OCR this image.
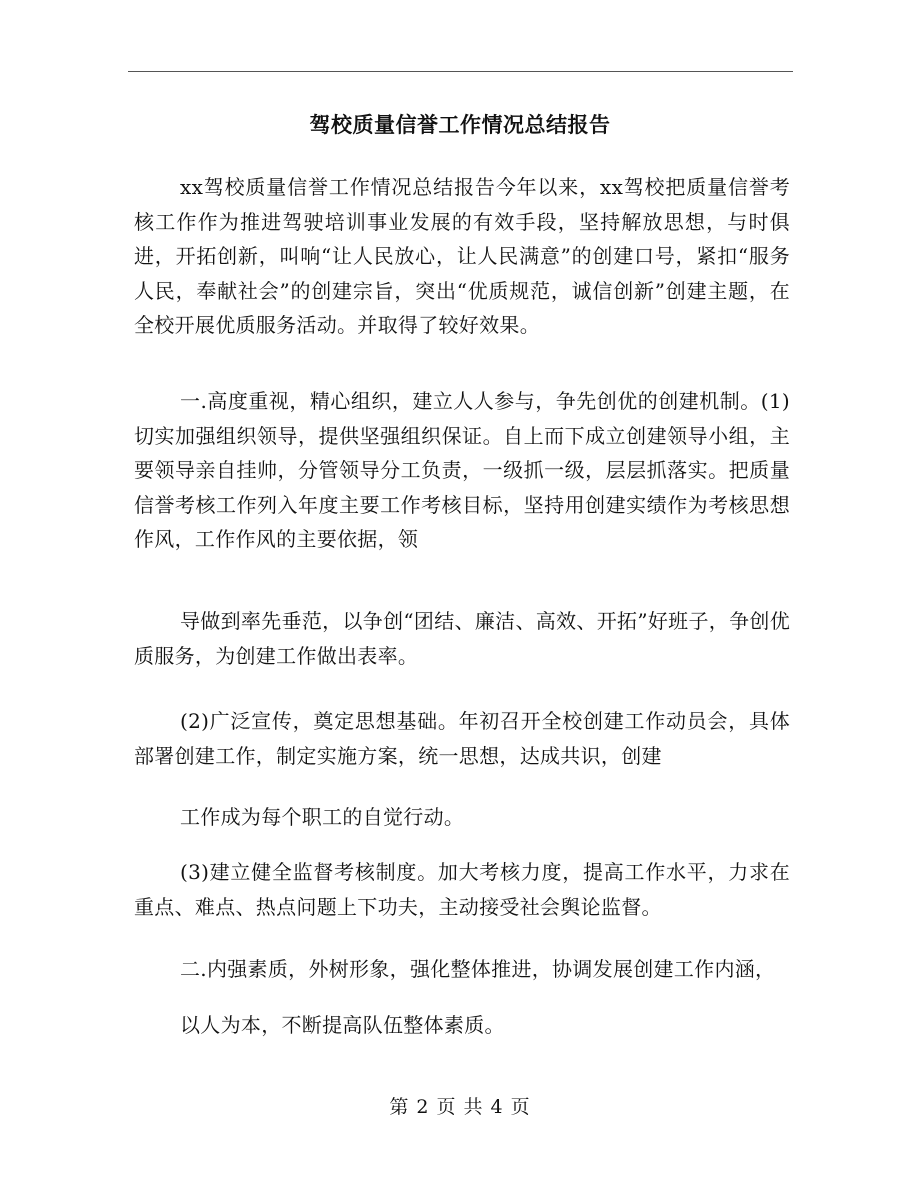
驾校质量信誉工作情况总结报告

xx驾校质量信誉工作情况总结报告今年以来，xx驾校把质量信誉考核工作作为推进驾驶培训事业发展的有效手段，坚持解放思想，与时俱进，开拓创新，叫响“让人民放心，让人民满意”的创建口号，紧扣“服务人民，奉献社会”的创建宗旨，突出“优质规范，诚信创新”创建主题，在全校开展优质服务活动。并取得了较好效果。

一.高度重视，精心组织，建立人人参与，争先创优的创建机制。(1)切实加强组织领导，提供坚强组织保证。自上而下成立创建领导小组，主要领导亲自挂帅，分管领导分工负责，一级抓一级，层层抓落实。把质量信誉考核工作列入年度主要工作考核目标，坚持用创建实绩作为考核思想作风，工作作风的主要依据，领

导做到率先垂范，以争创“团结、廉洁、高效、开拓”好班子，争创优质服务，为创建工作做出表率。

(2)广泛宣传，奠定思想基础。年初召开全校创建工作动员会，具体部署创建工作，制定实施方案，统一思想，达成共识，创建

工作成为每个职工的自觉行动。

(3)建立健全监督考核制度。加大考核力度，提高工作水平，力求在重点、难点、热点问题上下功夫，主动接受社会舆论监督。

二.内强素质，外树形象，强化整体推进，协调发展创建工作内涵，

以人为本，不断提高队伍整体素质。

第 2 页 共 4 页
